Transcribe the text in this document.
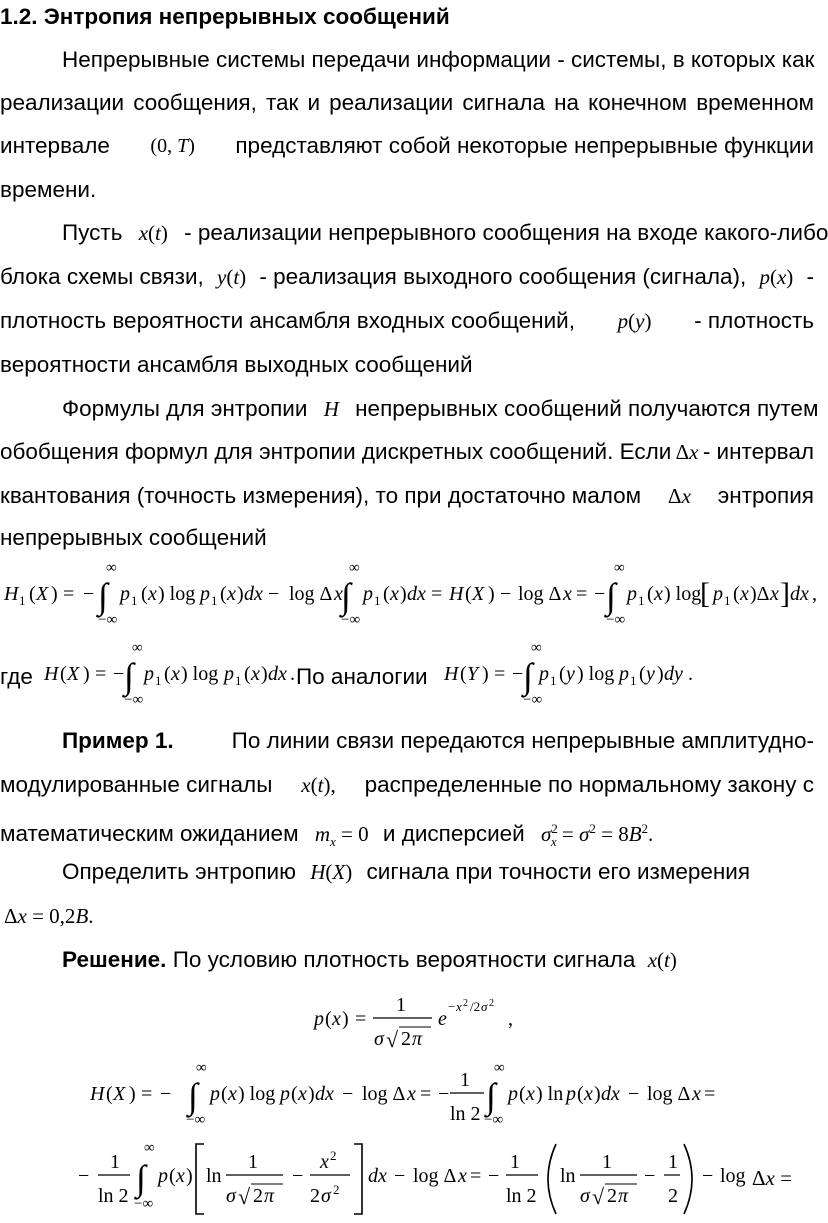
1.2. Энтропия непрерывных сообщений
Непрерывные системы передачи информации - системы, в которых как
реализации сообщения, так и реализации сигнала на конечном временном
интервале (0, T) представляют собой некоторые непрерывные функции
времени.
Пусть x(t) - реализации непрерывного сообщения на входе какого-либо
блока схемы связи, y(t) - реализация выходного сообщения (сигнала), p(x) -
плотность вероятности ансамбля входных сообщений, p(y) - плотность
вероятности ансамбля выходных сообщений
Формулы для энтропии H непрерывных сообщений получаются путем
обобщения формул для энтропии дискретных сообщений. Если Δx - интервал
квантования (точность измерения), то при достаточно малом Δx энтропия
непрерывных сообщений
H 1 ( X ) = −
∞
∫
−∞
p 1 ( x ) log p 1 ( x ) dx − log Δ x
∞
∫
−∞
p 1 ( x ) dx = H ( X ) − log Δ x = −
∞
∫
−∞
p 1 ( x ) log
[ p 1 ( x )Δ x ] dx ,
где H ( X ) = −
∞
∫
−∞
p 1 ( x ) log p 1 ( x ) dx . По аналогии H ( Y ) = −
∞
∫
−∞
p 1 ( y ) log p 1 ( y ) dy .
Пример 1.	По линии связи передаются непрерывные амплитудно-
модулированные сигналы x(t), распределенные по нормальному закону с
математическим ожиданием $m_x = 0$ и дисперсией $\sigma^2_x = \sigma^2 = 8B^2$.
Определить энтропию H(X) сигнала при точности его измерения
Δx = 0,2B.
Решение. По условию плотность вероятности сигнала x(t)
p ( x ) =
1
σ √ 2 π
e
− x 2 /2 σ 2
,
H ( X ) = −
∞
∫
−∞
p ( x ) log p ( x ) dx − log Δ x = −
1
ln 2
∞
∫
−∞
p ( x ) ln p ( x ) dx − log Δ x =
−
1
ln 2
∞
∫
−∞
p ( x ) ln
1
σ √ 2 π
−
x 2
2 σ 2
dx − log Δ x = −
1
ln 2
ln
1
σ √ 2 π
−
1
2
− log Δx =
